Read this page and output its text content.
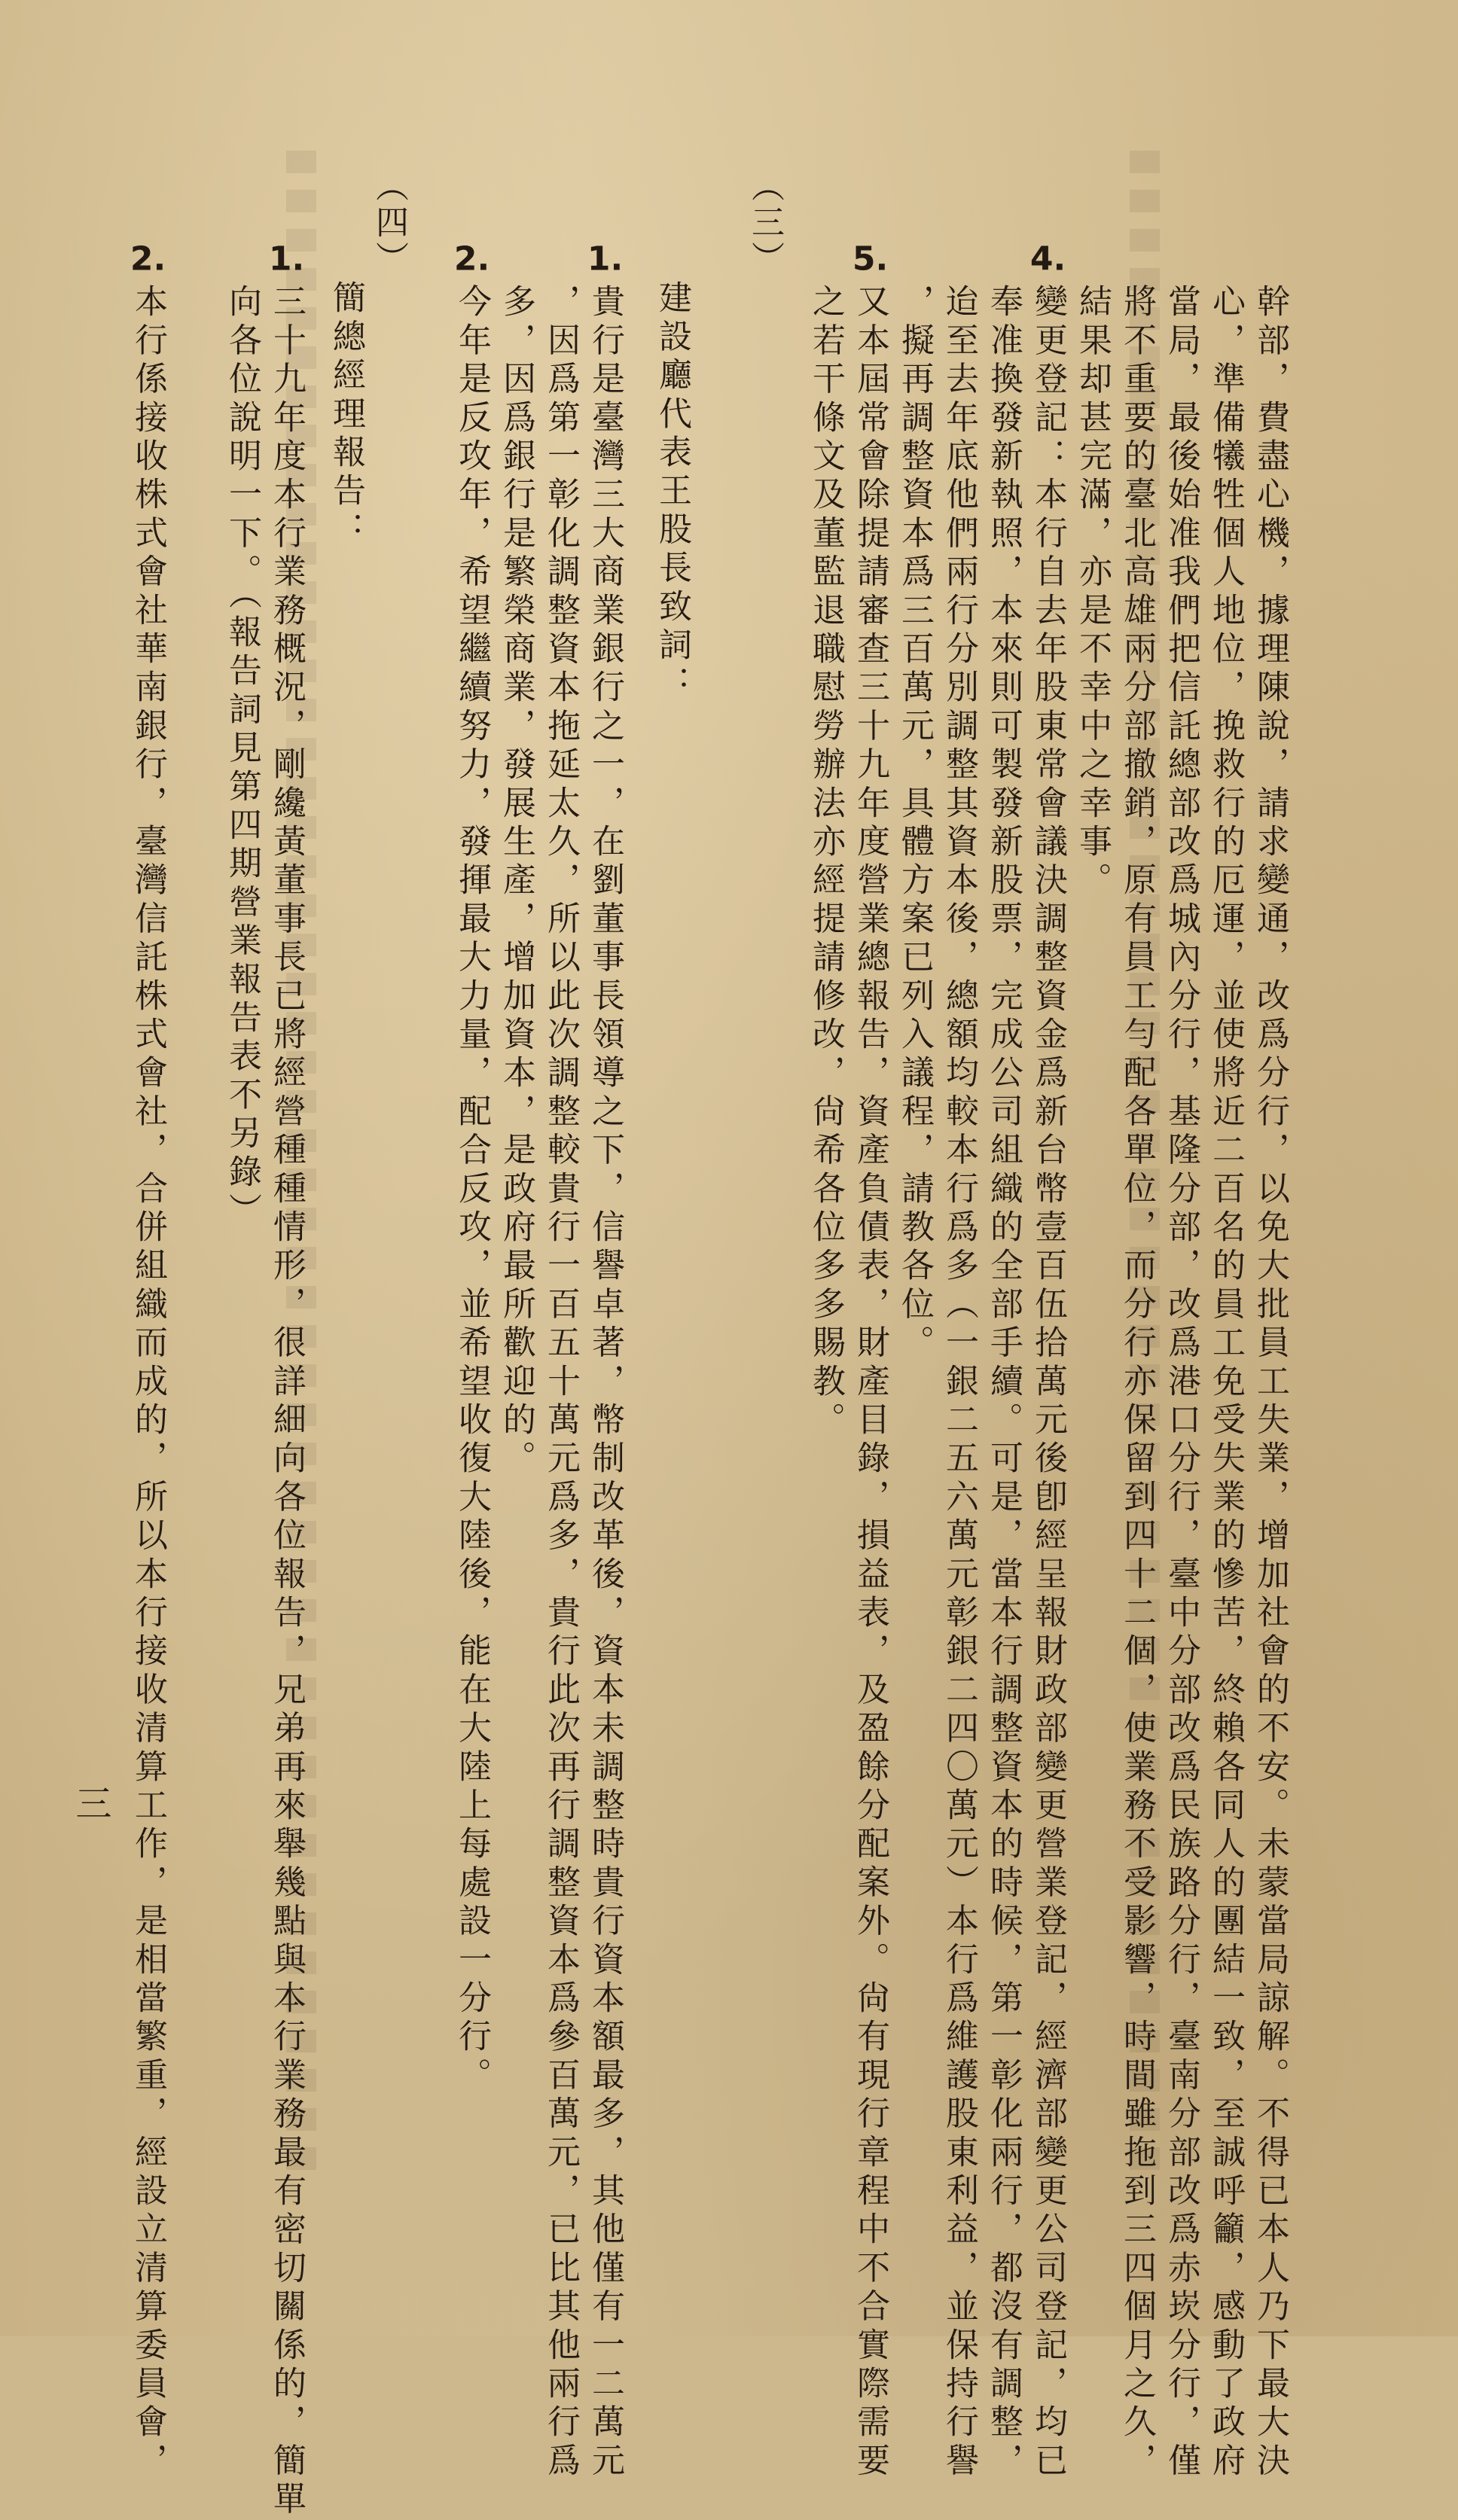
幹部，費盡心機，據理陳說，請求變通，改爲分行，以免大批員工失業，增加社會的不安。未蒙當局諒解。不得已本人乃下最大決
心，準備犧牲個人地位，挽救行的厄運，並使將近二百名的員工免受失業的慘苦，終賴各同人的團結一致，至誠呼籲，感動了政府
當局，最後始准我們把信託總部改爲城內分行，基隆分部，改爲港口分行，臺中分部改爲民族路分行，臺南分部改爲赤崁分行，僅
將不重要的臺北高雄兩分部撤銷，原有員工勻配各單位，而分行亦保留到四十二個，使業務不受影響，時間雖拖到三四個月之久，
結果却甚完滿，亦是不幸中之幸事。
4.
變更登記：本行自去年股東常會議決調整資金爲新台幣壹百伍拾萬元後卽經呈報財政部變更營業登記，經濟部變更公司登記，均已
奉准換發新執照，本來則可製發新股票，完成公司組織的全部手續。可是，當本行調整資本的時候，第一彰化兩行，都沒有調整，
迨至去年底他們兩行分別調整其資本後，總額均較本行爲多（一銀二五六萬元彰銀二四〇萬元）本行爲維護股東利益，並保持行譽
，擬再調整資本爲三百萬元，具體方案已列入議程，請教各位。
5.
又本屆常會除提請審查三十九年度營業總報告，資產負債表，財產目錄，損益表，及盈餘分配案外。尙有現行章程中不合實際需要
之若干條文及董監退職慰勞辦法亦經提請修改，尙希各位多多賜教。
（三）
建設廳代表王股長致詞：
1.
貴行是臺灣三大商業銀行之一，在劉董事長領導之下，信譽卓著，幣制改革後，資本未調整時貴行資本額最多，其他僅有一二萬元
，因爲第一彰化調整資本拖延太久，所以此次調整較貴行一百五十萬元爲多，貴行此次再行調整資本爲參百萬元，已比其他兩行爲
多，因爲銀行是繁榮商業，發展生產，增加資本，是政府最所歡迎的。
2.
今年是反攻年，希望繼續努力，發揮最大力量，配合反攻，並希望收復大陸後，能在大陸上每處設一分行。
（四）
簡總經理報告：
1.
三十九年度本行業務概況，剛纔黃董事長已將經營種種情形，很詳細向各位報告，兄弟再來舉幾點與本行業務最有密切關係的，簡單
向各位說明一下。（報告詞見第四期營業報告表不另錄）
2.
本行係接收株式會社華南銀行，臺灣信託株式會社，合併組織而成的，所以本行接收清算工作，是相當繁重，經設立清算委員會，
三
